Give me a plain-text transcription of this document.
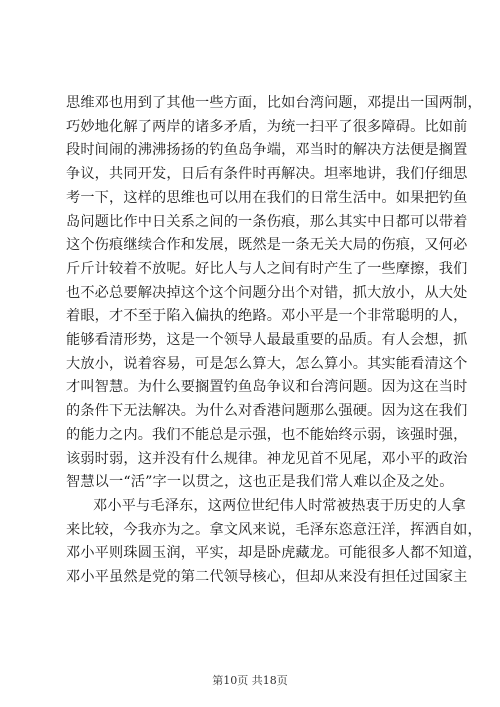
思维邓也用到了其他一些方面，比如台湾问题，邓提出一国两制，
巧妙地化解了两岸的诸多矛盾，为统一扫平了很多障碍。比如前
段时间闹的沸沸扬扬的钓鱼岛争端，邓当时的解决方法便是搁置
争议，共同开发，日后有条件时再解决。坦率地讲，我们仔细思
考一下，这样的思维也可以用在我们的日常生活中。如果把钓鱼
岛问题比作中日关系之间的一条伤痕，那么其实中日都可以带着
这个伤痕继续合作和发展，既然是一条无关大局的伤痕，又何必
斤斤计较着不放呢。好比人与人之间有时产生了一些摩擦，我们
也不必总要解决掉这个这个问题分出个对错，抓大放小，从大处
着眼，才不至于陷入偏执的绝路。邓小平是一个非常聪明的人，
能够看清形势，这是一个领导人最最重要的品质。有人会想，抓
大放小，说着容易，可是怎么算大，怎么算小。其实能看清这个
才叫智慧。为什么要搁置钓鱼岛争议和台湾问题。因为这在当时
的条件下无法解决。为什么对香港问题那么强硬。因为这在我们
的能力之内。我们不能总是示强，也不能始终示弱，该强时强，
该弱时弱，这并没有什么规律。神龙见首不见尾，邓小平的政治
智慧以一“活”字一以贯之，这也正是我们常人难以企及之处。

邓小平与毛泽东，这两位世纪伟人时常被热衷于历史的人拿
来比较，今我亦为之。拿文风来说，毛泽东恣意汪洋，挥洒自如，
邓小平则珠圆玉润，平实，却是卧虎藏龙。可能很多人都不知道，
邓小平虽然是党的第二代领导核心，但却从来没有担任过国家主

第10页 共18页
